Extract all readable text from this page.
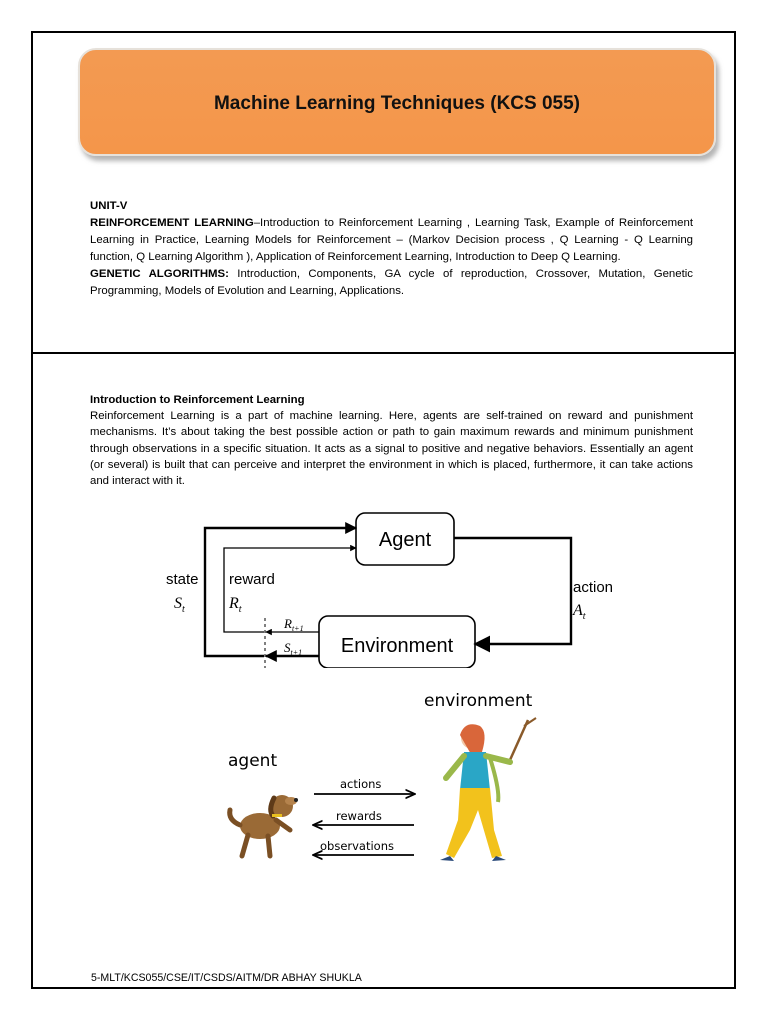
Machine Learning Techniques (KCS 055)

UNIT-V

REINFORCEMENT LEARNING–Introduction to Reinforcement Learning , Learning Task, Example of Reinforcement Learning in Practice, Learning Models for Reinforcement – (Markov Decision process , Q Learning - Q Learning function, Q Learning Algorithm ), Application of Reinforcement Learning, Introduction to Deep Q Learning.

GENETIC ALGORITHMS: Introduction, Components, GA cycle of reproduction, Crossover, Mutation, Genetic Programming, Models of Evolution and Learning, Applications.

Introduction to Reinforcement Learning

Reinforcement Learning is a part of machine learning. Here, agents are self-trained on reward and punishment mechanisms. It’s about taking the best possible action or path to gain maximum rewards and minimum punishment through observations in a specific situation. It acts as a signal to positive and negative behaviors. Essentially an agent (or several) is built that can perceive and interpret the environment in which is placed, furthermore, it can take actions and interact with it.

Agent
Environment
state
$S_t$
reward
$R_t$
action
$A_t$
$R_{t+1}$
$S_{t+1}$
agent
environment
actions
rewards
observations
5-MLT/KCS055/CSE/IT/CSDS/AITM/DR ABHAY SHUKLA
